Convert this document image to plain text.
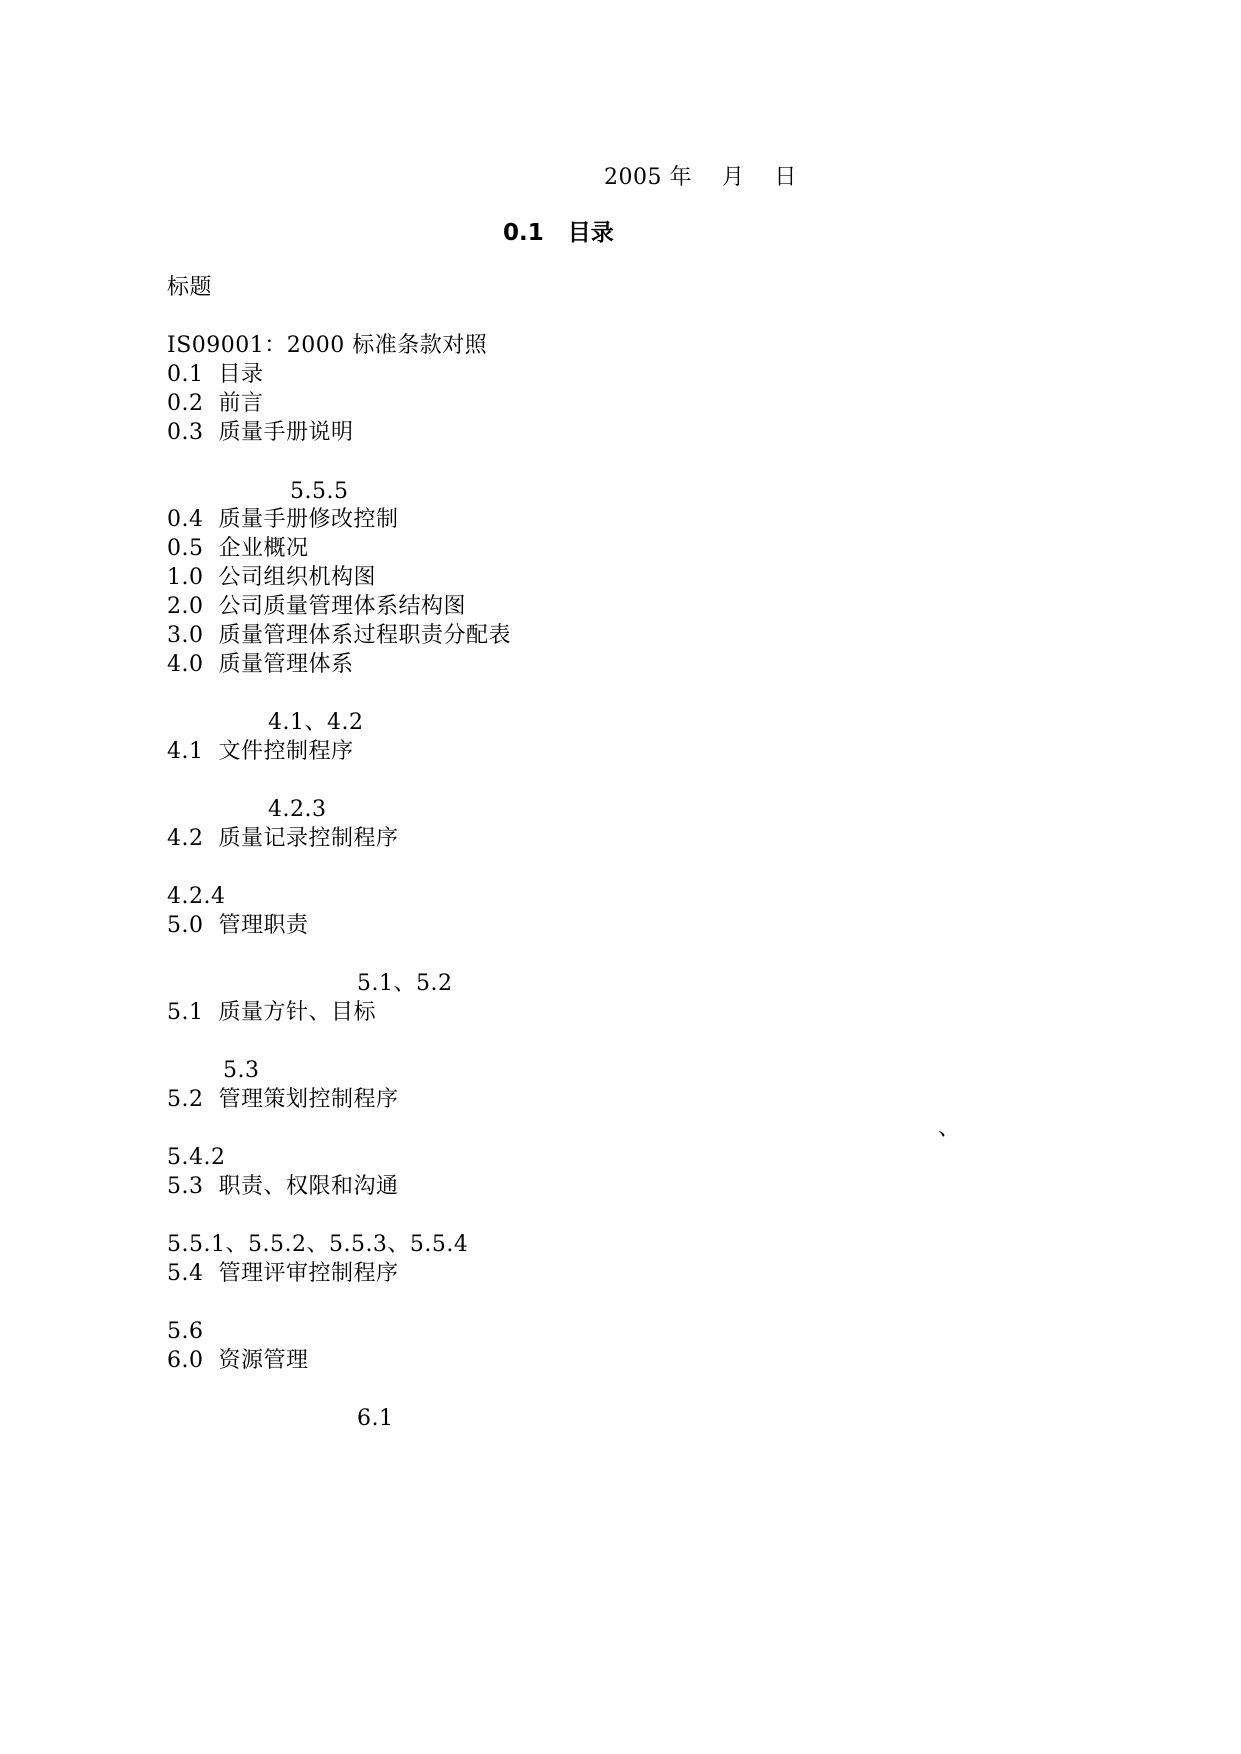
2005 年    月    日
0.1   目录
标题
IS09001：2000 标准条款对照
0.1  目录
0.2  前言
0.3  质量手册说明
5.5.5
0.4  质量手册修改控制
0.5  企业概况
1.0  公司组织机构图
2.0  公司质量管理体系结构图
3.0  质量管理体系过程职责分配表
4.0  质量管理体系
4.1、4.2
4.1  文件控制程序
4.2.3
4.2  质量记录控制程序
4.2.4
5.0  管理职责
5.1、5.2
5.1  质量方针、目标
5.3
5.2  管理策划控制程序
、
5.4.2
5.3  职责、权限和沟通
5.5.1、5.5.2、5.5.3、5.5.4
5.4  管理评审控制程序
5.6
6.0  资源管理
6.1
